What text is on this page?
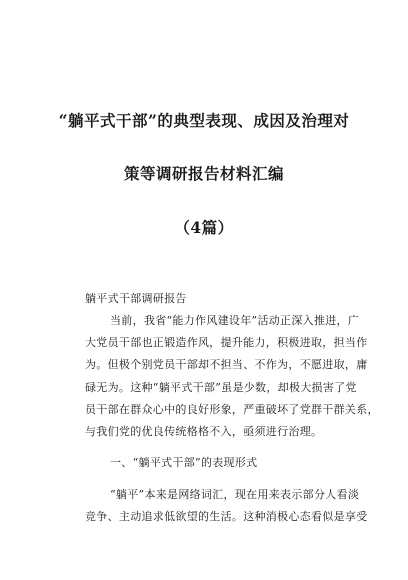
“躺平式干部”的典型表现、成因及治理对
策等调研报告材料汇编
（4篇）
躺平式干部调研报告
当前，我省“能力作风建设年”活动正深入推进，广
大党员干部也正锻造作风，提升能力，积极进取，担当作
为。但极个别党员干部却不担当、不作为，不愿进取，庸
碌无为。这种“躺平式干部”虽是少数，却极大损害了党
员干部在群众心中的良好形象，严重破坏了党群干群关系，
与我们党的优良传统格格不入，亟须进行治理。
一、“躺平式干部”的表现形式
“躺平”本来是网络词汇，现在用来表示部分人看淡
竞争、主动追求低欲望的生活。这种消极心态看似是享受
